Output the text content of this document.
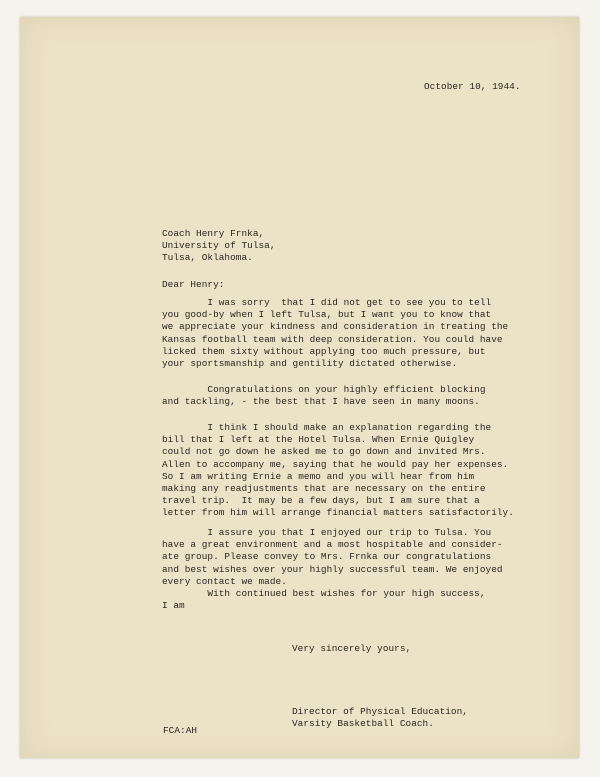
October 10, 1944.
Coach Henry Frnka,
University of Tulsa,
Tulsa, Oklahoma.
Dear Henry:
I was sorry  that I did not get to see you to tell
you good-by when I left Tulsa, but I want you to know that
we appreciate your kindness and consideration in treating the
Kansas football team with deep consideration. You could have
licked them sixty without applying too much pressure, but
your sportsmanship and gentility dictated otherwise.
Congratulations on your highly efficient blocking
and tackling, - the best that I have seen in many moons.
I think I should make an explanation regarding the
bill that I left at the Hotel Tulsa. When Ernie Quigley
could not go down he asked me to go down and invited Mrs.
Allen to accompany me, saying that he would pay her expenses.
So I am writing Ernie a memo and you will hear from him
making any readjustments that are necessary on the entire
travel trip.  It may be a few days, but I am sure that a
letter from him will arrange financial matters satisfactorily.
I assure you that I enjoyed our trip to Tulsa. You
have a great environment and a most hospitable and consider-
ate group. Please convey to Mrs. Frnka our congratulations
and best wishes over your highly successful team. We enjoyed
every contact we made.
With continued best wishes for your high success,
I am
Very sincerely yours,
Director of Physical Education,
Varsity Basketball Coach.
FCA:AH
